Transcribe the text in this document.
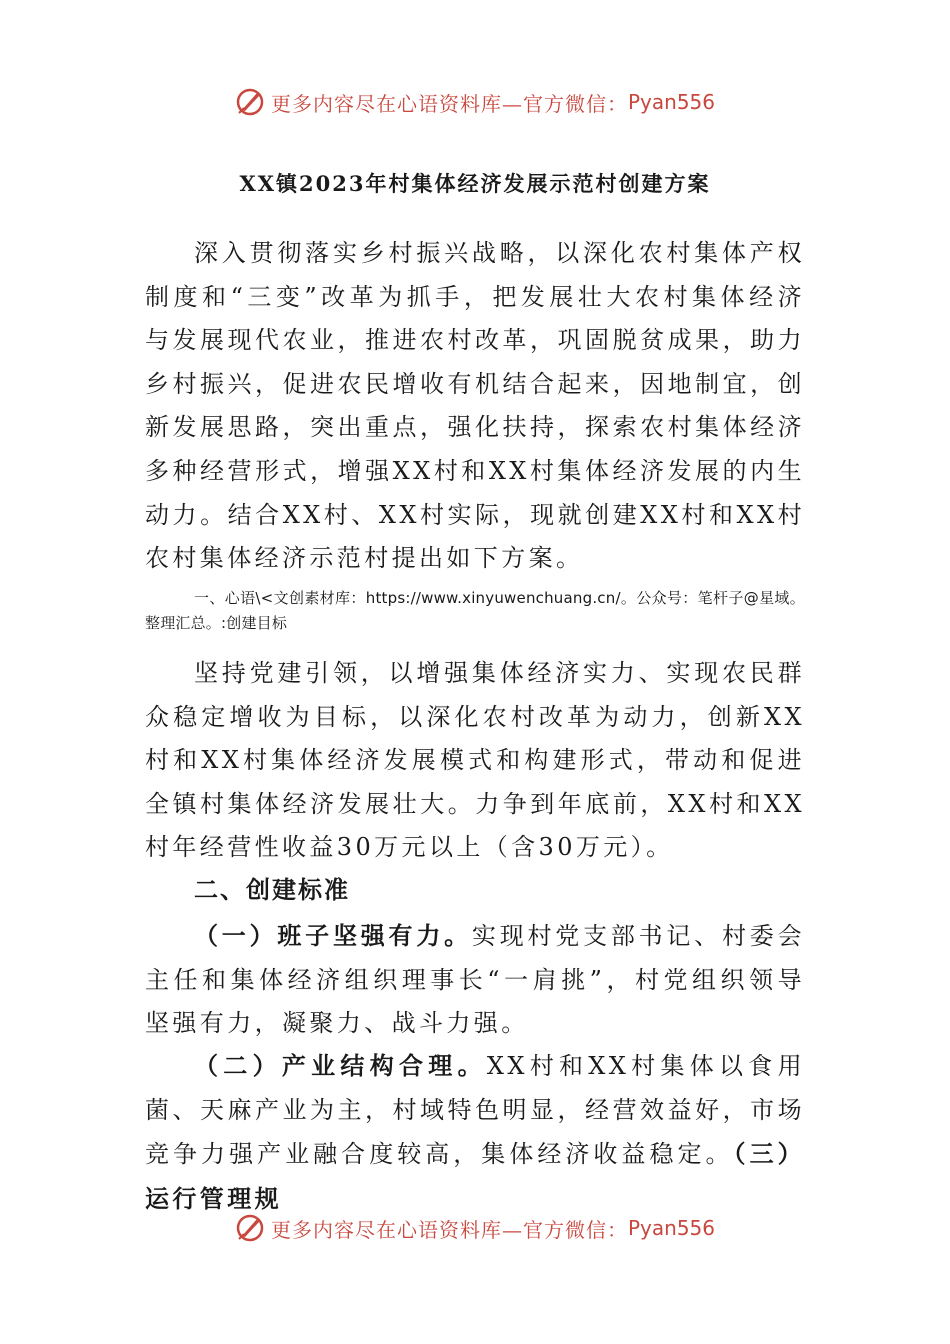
更多内容尽在心语资料库—官方微信： Pyan556
XX镇2023年村集体经济发展示范村创建方案

深入贯彻落实乡村振兴战略，以深化农村集体产权制度和“三变”改革为抓手，把发展壮大农村集体经济与发展现代农业，推进农村改革，巩固脱贫成果，助力乡村振兴，促进农民增收有机结合起来，因地制宜，创新发展思路，突出重点，强化扶持，探索农村集体经济多种经营形式，增强XX村和XX村集体经济发展的内生动力。结合XX村、XX村实际，现就创建XX村和XX村农村集体经济示范村提出如下方案。

一、心语\<文创素材库：https://www.xinyuwenchuang.cn/。公众号：笔杆子@星域。整理汇总。:创建目标

坚持党建引领，以增强集体经济实力、实现农民群众稳定增收为目标，以深化农村改革为动力，创新XX村和XX村集体经济发展模式和构建形式，带动和促进全镇村集体经济发展壮大。力争到年底前，XX村和XX村年经营性收益30万元以上（含30万元）。

二、创建标准

（一）班子坚强有力。实现村党支部书记、村委会主任和集体经济组织理事长“一肩挑”，村党组织领导坚强有力，凝聚力、战斗力强。

（二）产业结构合理。XX村和XX村集体以食用菌、天麻产业为主，村域特色明显，经营效益好，市场竞争力强产业融合度较高，集体经济收益稳定。（三）运行管理规

更多内容尽在心语资料库—官方微信： Pyan556
